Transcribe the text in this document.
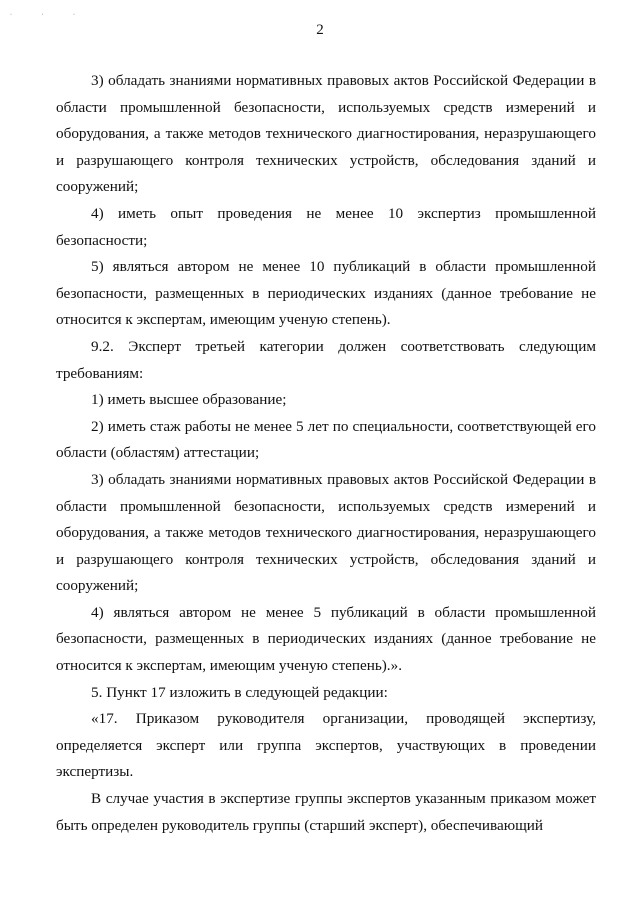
· · ·
2

3) обладать знаниями нормативных правовых актов Российской Федерации в области промышленной безопасности, используемых средств измерений и оборудования, а также методов технического диагностирования, неразрушающего и разрушающего контроля технических устройств, обследования зданий и сооружений;

4) иметь опыт проведения не менее 10 экспертиз промышленной безопасности;

5) являться автором не менее 10 публикаций в области промышленной безопасности, размещенных в периодических изданиях (данное требование не относится к экспертам, имеющим ученую степень).

9.2. Эксперт третьей категории должен соответствовать следующим требованиям:

1) иметь высшее образование;

2) иметь стаж работы не менее 5 лет по специальности, соответствующей его области (областям) аттестации;

3) обладать знаниями нормативных правовых актов Российской Федерации в области промышленной безопасности, используемых средств измерений и оборудования, а также методов технического диагностирования, неразрушающего и разрушающего контроля технических устройств, обследования зданий и сооружений;

4) являться автором не менее 5 публикаций в области промышленной безопасности, размещенных в периодических изданиях (данное требование не относится к экспертам, имеющим ученую степень).».

5. Пункт 17 изложить в следующей редакции:

«17. Приказом руководителя организации, проводящей экспертизу, определяется эксперт или группа экспертов, участвующих в проведении экспертизы.

В случае участия в экспертизе группы экспертов указанным приказом может быть определен руководитель группы (старший эксперт), обеспечивающий
